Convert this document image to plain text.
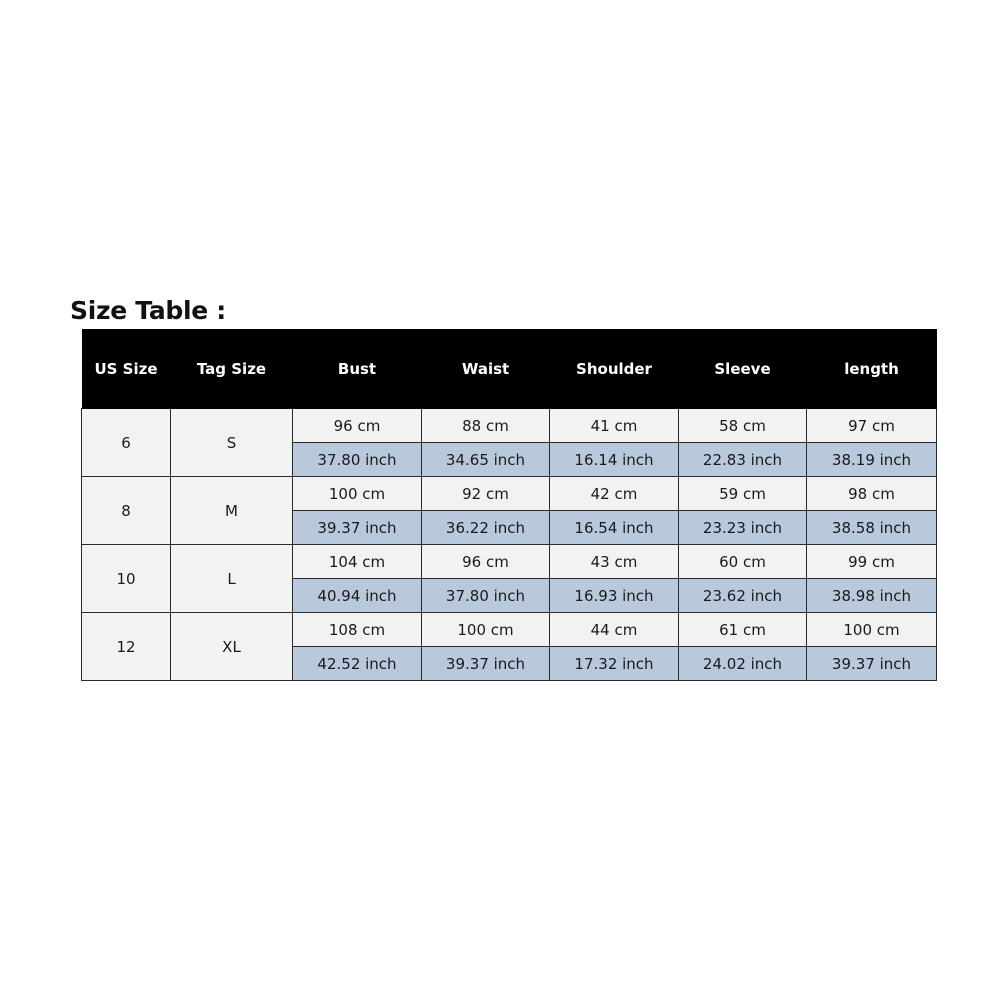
Size Table :
US Size	Tag Size	Bust	Waist	Shoulder	Sleeve	length
6	S	96 cm	88 cm	41 cm	58 cm	97 cm
		37.80 inch	34.65 inch	16.14 inch	22.83 inch	38.19 inch
8	M	100 cm	92 cm	42 cm	59 cm	98 cm
		39.37 inch	36.22 inch	16.54 inch	23.23 inch	38.58 inch
10	L	104 cm	96 cm	43 cm	60 cm	99 cm
		40.94 inch	37.80 inch	16.93 inch	23.62 inch	38.98 inch
12	XL	108 cm	100 cm	44 cm	61 cm	100 cm
		42.52 inch	39.37 inch	17.32 inch	24.02 inch	39.37 inch
